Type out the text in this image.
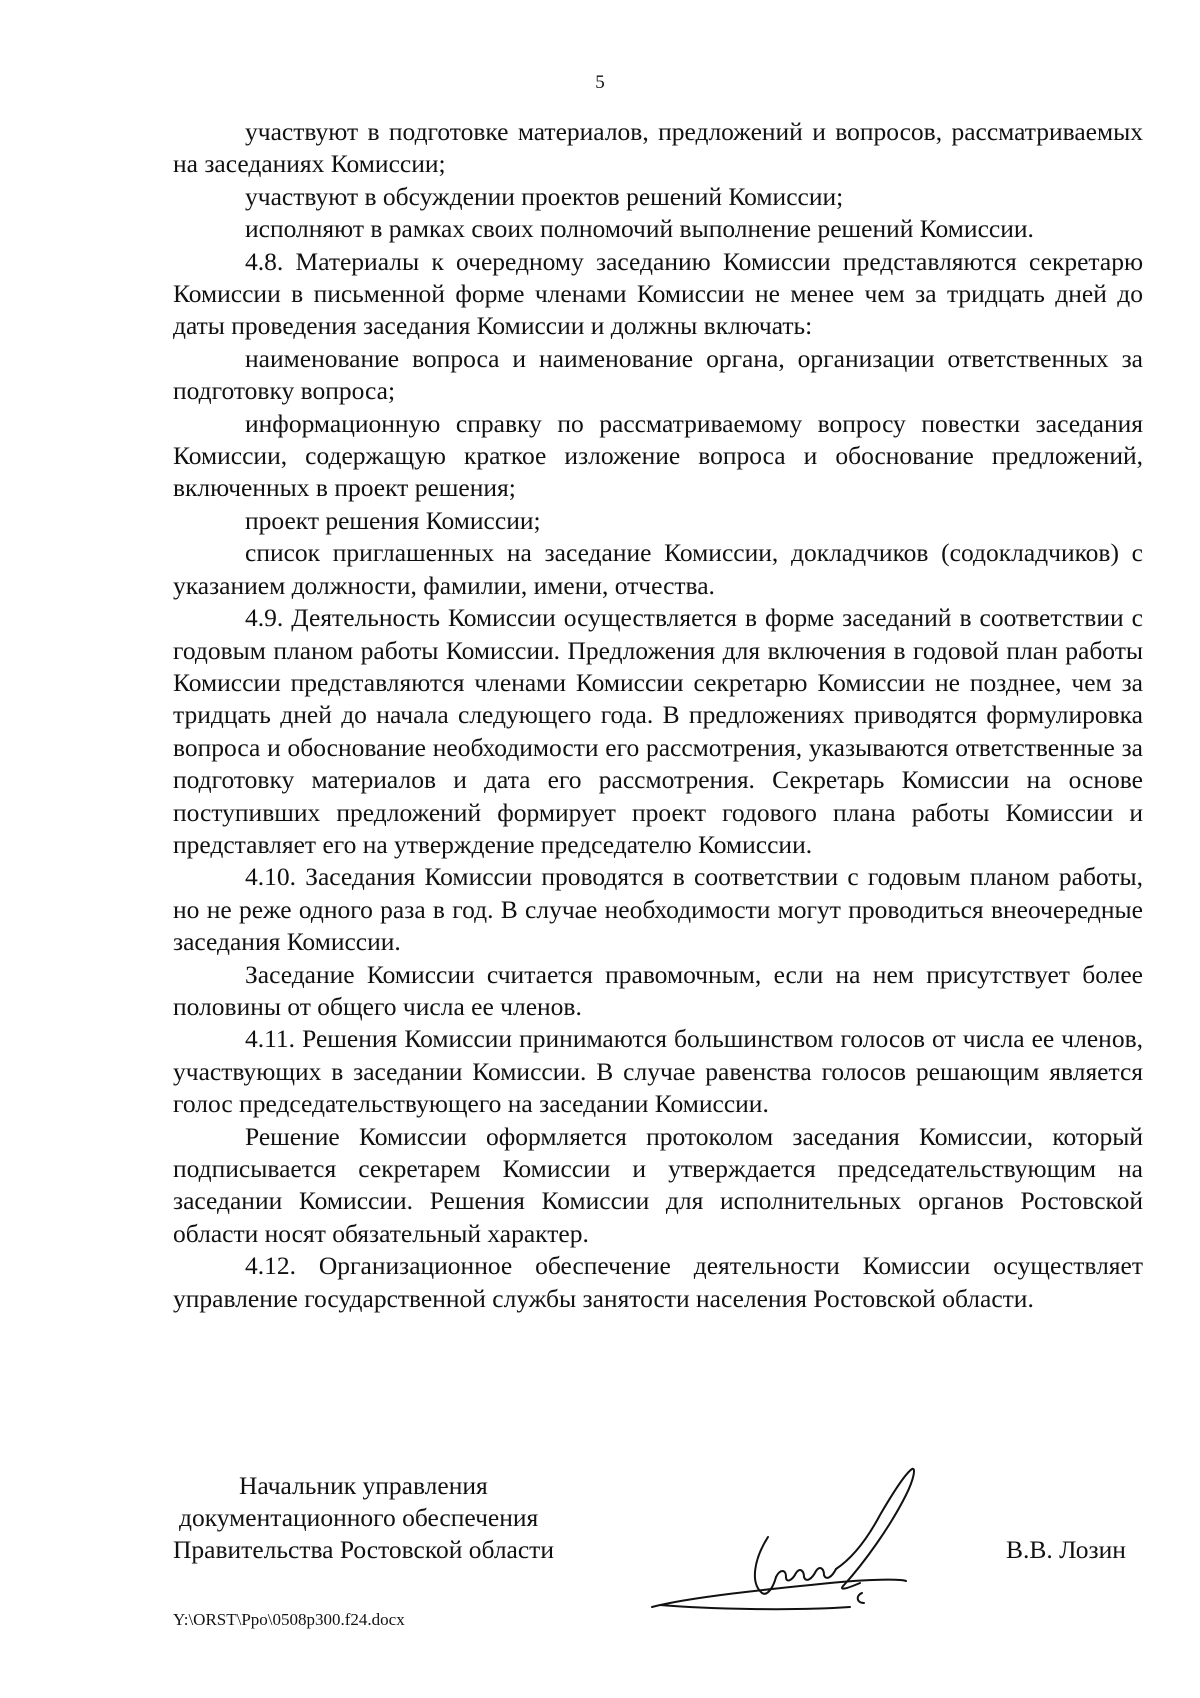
5

участвуют в подготовке материалов, предложений и вопросов, рассматриваемых на заседаниях Комиссии;

участвуют в обсуждении проектов решений Комиссии;

исполняют в рамках своих полномочий выполнение решений Комиссии.

4.8. Материалы к очередному заседанию Комиссии представляются секретарю Комиссии в письменной форме членами Комиссии не менее чем за тридцать дней до даты проведения заседания Комиссии и должны включать:

наименование вопроса и наименование органа, организации ответственных за подготовку вопроса;

информационную справку по рассматриваемому вопросу повестки заседания Комиссии, содержащую краткое изложение вопроса и обоснование предложений, включенных в проект решения;

проект решения Комиссии;

список приглашенных на заседание Комиссии, докладчиков (содокладчиков) с указанием должности, фамилии, имени, отчества.

4.9. Деятельность Комиссии осуществляется в форме заседаний в соответствии с годовым планом работы Комиссии. Предложения для включения в годовой план работы Комиссии представляются членами Комиссии секретарю Комиссии не позднее, чем за тридцать дней до начала следующего года. В предложениях приводятся формулировка вопроса и обоснование необходимости его рассмотрения, указываются ответственные за подготовку материалов и дата его рассмотрения. Секретарь Комиссии на основе поступивших предложений формирует проект годового плана работы Комиссии и представляет его на утверждение председателю Комиссии.

4.10. Заседания Комиссии проводятся в соответствии с годовым планом работы, но не реже одного раза в год. В случае необходимости могут проводиться внеочередные заседания Комиссии.

Заседание Комиссии считается правомочным, если на нем присутствует более половины от общего числа ее членов.

4.11. Решения Комиссии принимаются большинством голосов от числа ее членов, участвующих в заседании Комиссии. В случае равенства голосов решающим является голос председательствующего на заседании Комиссии.

Решение Комиссии оформляется протоколом заседания Комиссии, который подписывается секретарем Комиссии и утверждается председательствующим на заседании Комиссии. Решения Комиссии для исполнительных органов Ростовской области носят обязательный характер.

4.12. Организационное обеспечение деятельности Комиссии осуществляет управление государственной службы занятости населения Ростовской области.

Начальник управления
документационного обеспечения
Правительства Ростовской области	В.В. Лозин
Y:\ORST\Ppo\0508p300.f24.docx
